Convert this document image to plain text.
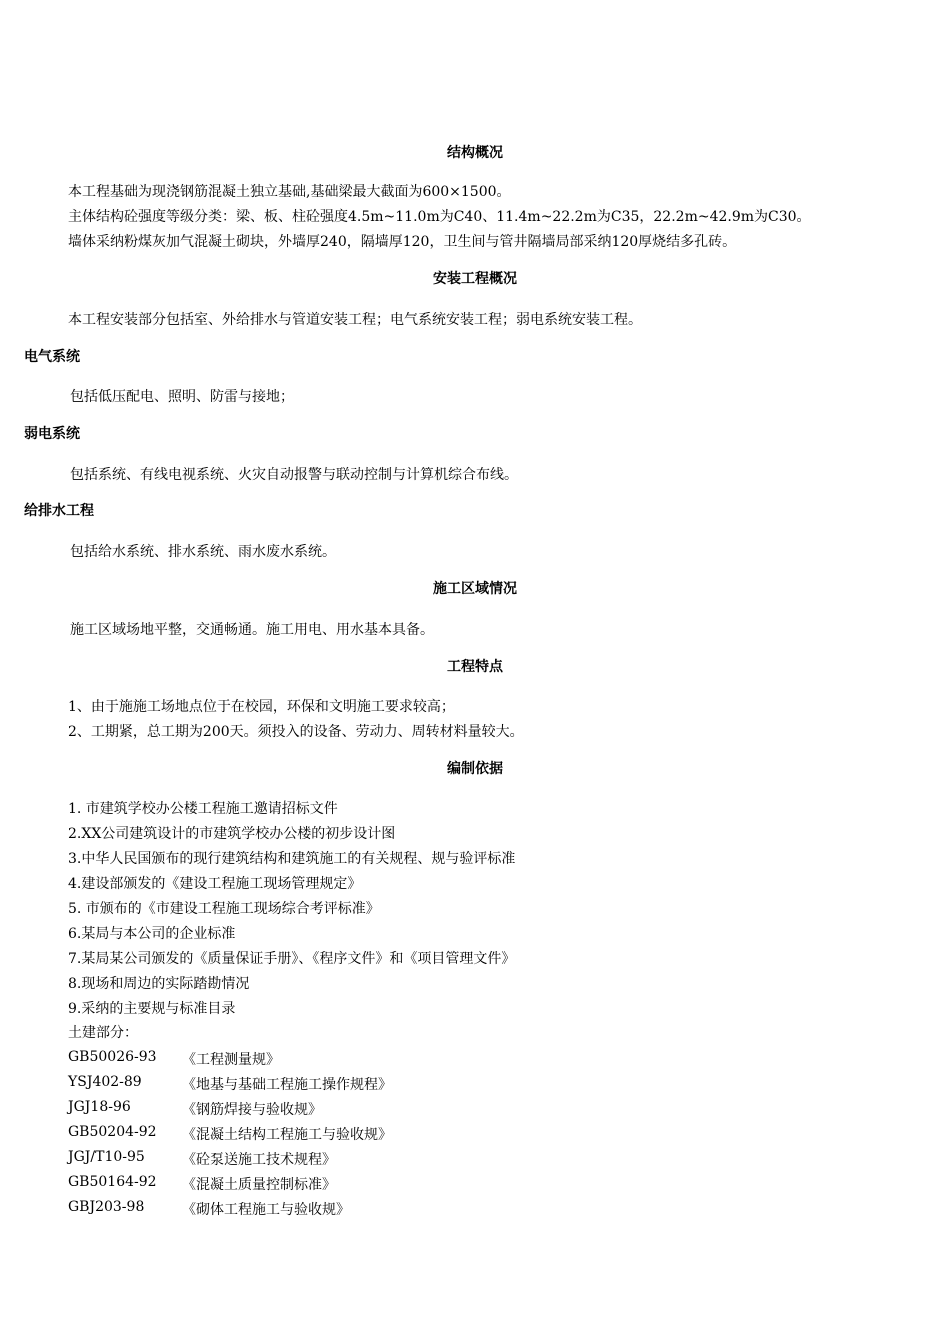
结构概况
本工程基础为现浇钢筋混凝土独立基础,基础梁最大截面为600×1500。
主体结构砼强度等级分类：梁、板、柱砼强度4.5m~11.0m为C40、11.4m~22.2m为C35，22.2m~42.9m为C30。
墙体采纳粉煤灰加气混凝土砌块，外墙厚240，隔墙厚120，卫生间与管井隔墙局部采纳120厚烧结多孔砖。
安装工程概况
本工程安装部分包括室、外给排水与管道安装工程；电气系统安装工程；弱电系统安装工程。
电气系统
包括低压配电、照明、防雷与接地；
弱电系统
包括系统、有线电视系统、火灾自动报警与联动控制与计算机综合布线。
给排水工程
包括给水系统、排水系统、雨水废水系统。
施工区域情况
施工区域场地平整，交通畅通。施工用电、用水基本具备。
工程特点
1、由于施施工场地点位于在校园，环保和文明施工要求较高；
2、工期紧，总工期为200天。须投入的设备、劳动力、周转材料量较大。
编制依据
1. 市建筑学校办公楼工程施工邀请招标文件
2.XX公司建筑设计的市建筑学校办公楼的初步设计图
3.中华人民国颁布的现行建筑结构和建筑施工的有关规程、规与验评标准
4.建设部颁发的《建设工程施工现场管理规定》
5. 市颁布的《市建设工程施工现场综合考评标准》
6.某局与本公司的企业标准
7.某局某公司颁发的《质量保证手册》、《程序文件》和《项目管理文件》
8.现场和周边的实际踏勘情况
9.采纳的主要规与标准目录
土建部分：
GB50026-93 《工程测量规》
YSJ402-89	《地基与基础工程施工操作规程》
JGJ18-96	《钢筋焊接与验收规》
GB50204-92 《混凝土结构工程施工与验收规》
JGJ/T10-95	《砼泵送施工技术规程》
GB50164-92 《混凝土质量控制标准》
GBJ203-98	《砌体工程施工与验收规》
